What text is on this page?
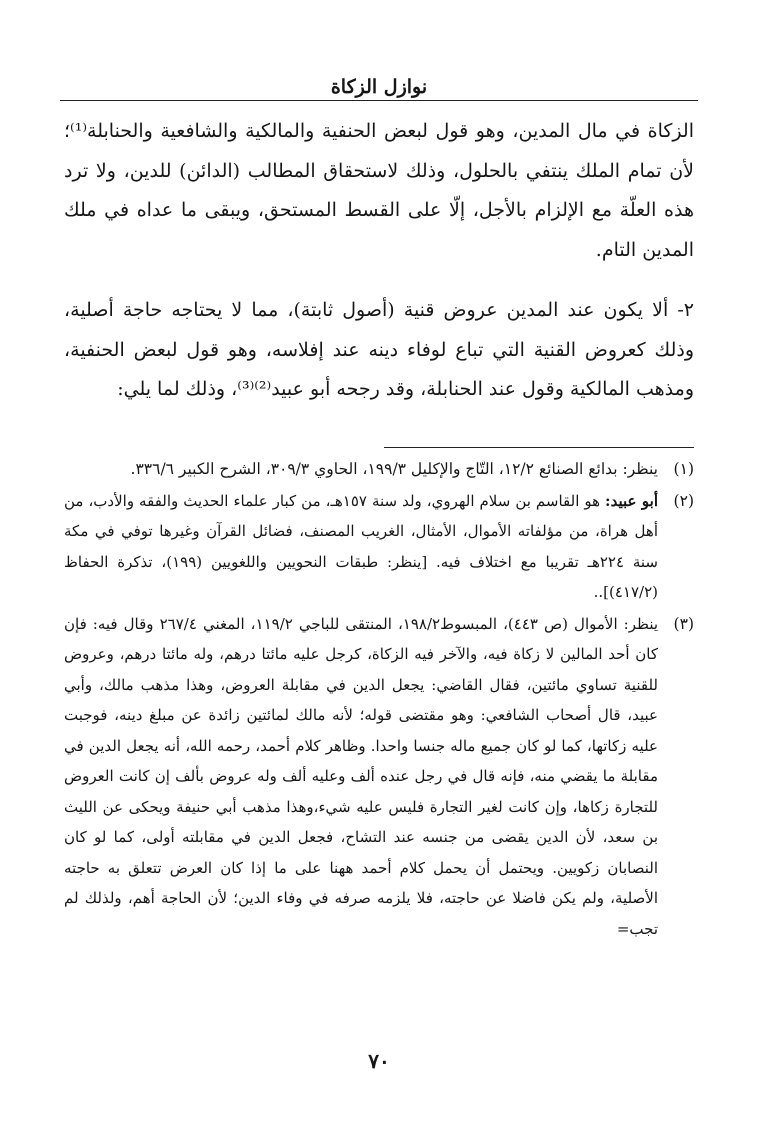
نوازل الزكاة

الزكاة في مال المدين، وهو قول لبعض الحنفية والمالكية والشافعية والحنابلة⁽¹⁾؛ لأن تمام الملك ينتفي بالحلول، وذلك لاستحقاق المطالب (الدائن) للدين، ولا ترد هذه العلّة مع الإلزام بالأجل، إلّا على القسط المستحق، ويبقى ما عداه في ملك المدين التام.

٢- ألا يكون عند المدين عروض قنية (أصول ثابتة)، مما لا يحتاجه حاجة أصلية، وذلك كعروض القنية التي تباع لوفاء دينه عند إفلاسه، وهو قول لبعض الحنفية، ومذهب المالكية وقول عند الحنابلة، وقد رجحه أبو عبيد⁽²⁾⁽³⁾، وذلك لما يلي:

(١)
ينظر: بدائع الصنائع ١٢/٢، التّاج والإكليل ١٩٩/٣، الحاوي ٣٠٩/٣، الشرح الكبير ٣٣٦/٦.
(٢)
أبو عبيد: هو القاسم بن سلام الهروي، ولد سنة ١٥٧هـ، من كبار علماء الحديث والفقه والأدب، من أهل هراة، من مؤلفاته الأموال، الأمثال، الغريب المصنف، فضائل القرآن وغيرها توفي في مكة سنة ٢٢٤هـ تقريبا مع اختلاف فيه. [ينظر: طبقات النحويين واللغويين (١٩٩)، تذكرة الحفاظ (٤١٧/٢)]..
(٣)
ينظر: الأموال (ص ٤٤٣)، المبسوط١٩٨/٢، المنتقى للباجي ١١٩/٢، المغني ٢٦٧/٤ وقال فيه: فإن كان أحد المالين لا زكاة فيه، والآخر فيه الزكاة، كرجل عليه مائتا درهم، وله مائتا درهم، وعروض للقنية تساوي مائتين، فقال القاضي: يجعل الدين في مقابلة العروض، وهذا مذهب مالك، وأبي عبيد، قال أصحاب الشافعي: وهو مقتضى قوله؛ لأنه مالك لمائتين زائدة عن مبلغ دينه، فوجبت عليه زكاتها، كما لو كان جميع ماله جنسا واحدا. وظاهر كلام أحمد، رحمه الله، أنه يجعل الدين في مقابلة ما يقضي منه، فإنه قال في رجل عنده ألف وعليه ألف وله عروض بألف إن كانت العروض للتجارة زكاها، وإن كانت لغير التجارة فليس عليه شيء،وهذا مذهب أبي حنيفة ويحكى عن الليث بن سعد، لأن الدين يقضى من جنسه عند التشاح، فجعل الدين في مقابلته أولى، كما لو كان النصابان زكويين. ويحتمل أن يحمل كلام أحمد ههنا على ما إذا كان العرض تتعلق به حاجته الأصلية، ولم يكن فاضلا عن حاجته، فلا يلزمه صرفه في وفاء الدين؛ لأن الحاجة أهم، ولذلك لم تجب=
٧٠
